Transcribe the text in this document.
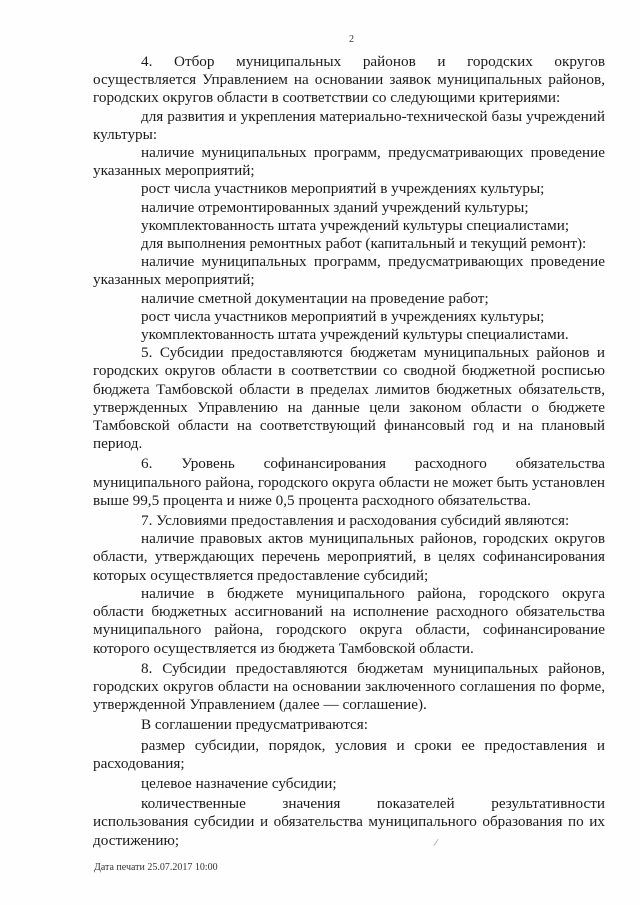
2

4. Отбор муниципальных районов и городских округов осуществляется Управлением на основании заявок муниципальных районов, городских округов области в соответствии со следующими критериями:

для развития и укрепления материально-технической базы учреждений культуры:

наличие муниципальных программ, предусматривающих проведение указанных мероприятий;

рост числа участников мероприятий в учреждениях культуры;

наличие отремонтированных зданий учреждений культуры;

укомплектованность штата учреждений культуры специалистами;

для выполнения ремонтных работ (капитальный и текущий ремонт):

наличие муниципальных программ, предусматривающих проведение указанных мероприятий;

наличие сметной документации на проведение работ;

рост числа участников мероприятий в учреждениях культуры;

укомплектованность штата учреждений культуры специалистами.

5. Субсидии предоставляются бюджетам муниципальных районов и городских округов области в соответствии со сводной бюджетной росписью бюджета Тамбовской области в пределах лимитов бюджетных обязательств, утвержденных Управлению на данные цели законом области о бюджете Тамбовской области на соответствующий финансовый год и на плановый период.

6. Уровень софинансирования расходного обязательства муниципального района, городского округа области не может быть установлен выше 99,5 процента и ниже 0,5 процента расходного обязательства.

7. Условиями предоставления и расходования субсидий являются:

наличие правовых актов муниципальных районов, городских округов области, утверждающих перечень мероприятий, в целях софинансирования которых осуществляется предоставление субсидий;

наличие в бюджете муниципального района, городского округа области бюджетных ассигнований на исполнение расходного обязательства муниципального района, городского округа области, софинансирование которого осуществляется из бюджета Тамбовской области.

8. Субсидии предоставляются бюджетам муниципальных районов, городских округов области на основании заключенного соглашения по форме, утвержденной Управлением (далее — соглашение).

В соглашении предусматриваются:

размер субсидии, порядок, условия и сроки ее предоставления и расходования;

целевое назначение субсидии;

количественные значения показателей результативности использования субсидии и обязательства муниципального образования по их достижению;

Дата печати 25.07.2017 10:00
